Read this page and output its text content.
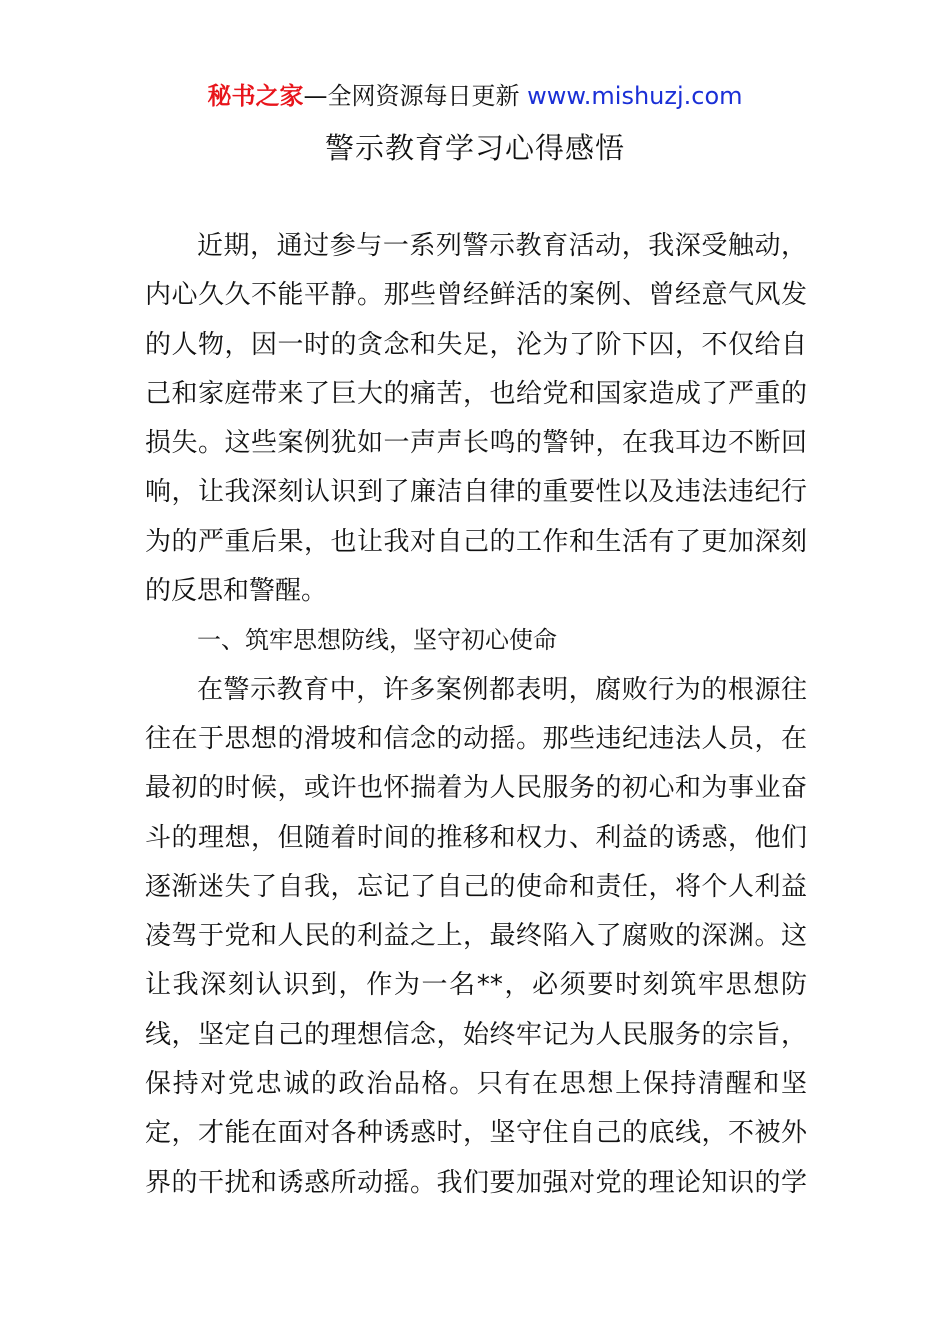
秘书之家—全网资源每日更新 www.mishuzj.com
警示教育学习心得感悟
近期，通过参与一系列警示教育活动，我深受触动，
内心久久不能平静。那些曾经鲜活的案例、曾经意气风发
的人物，因一时的贪念和失足，沦为了阶下囚，不仅给自
己和家庭带来了巨大的痛苦，也给党和国家造成了严重的
损失。这些案例犹如一声声长鸣的警钟，在我耳边不断回
响，让我深刻认识到了廉洁自律的重要性以及违法违纪行
为的严重后果，也让我对自己的工作和生活有了更加深刻
的反思和警醒。
一、筑牢思想防线，坚守初心使命
在警示教育中，许多案例都表明，腐败行为的根源往
往在于思想的滑坡和信念的动摇。那些违纪违法人员，在
最初的时候，或许也怀揣着为人民服务的初心和为事业奋
斗的理想，但随着时间的推移和权力、利益的诱惑，他们
逐渐迷失了自我，忘记了自己的使命和责任，将个人利益
凌驾于党和人民的利益之上，最终陷入了腐败的深渊。这
让我深刻认识到，作为一名**，必须要时刻筑牢思想防
线，坚定自己的理想信念，始终牢记为人民服务的宗旨，
保持对党忠诚的政治品格。只有在思想上保持清醒和坚
定，才能在面对各种诱惑时，坚守住自己的底线，不被外
界的干扰和诱惑所动摇。我们要加强对党的理论知识的学
